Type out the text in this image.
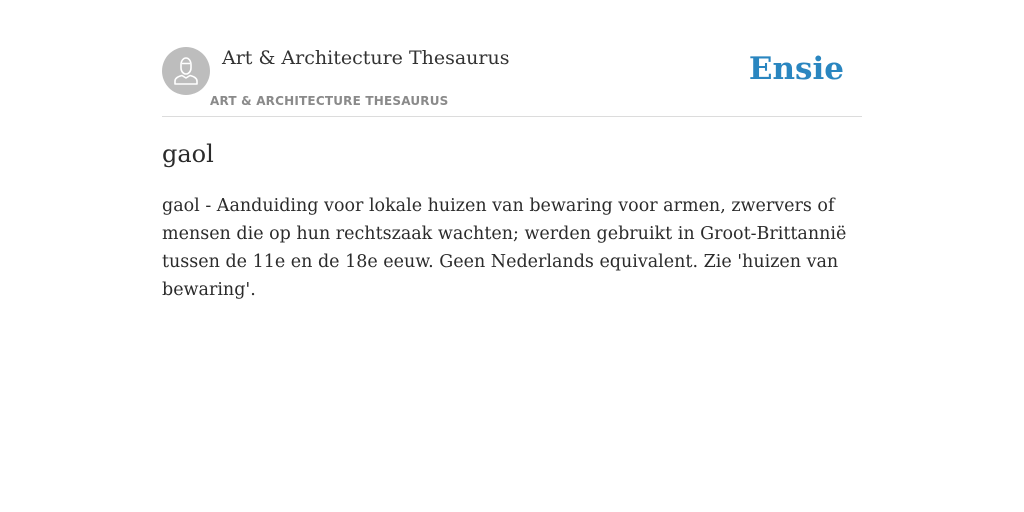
Art & Architecture Thesaurus
ART & ARCHITECTURE THESAURUS
Ensie
gaol

gaol - Aanduiding voor lokale huizen van bewaring voor armen, zwervers of mensen die op hun rechtszaak wachten; werden gebruikt in Groot-Brittannië tussen de 11e en de 18e eeuw. Geen Nederlands equivalent. Zie 'huizen van bewaring'.
